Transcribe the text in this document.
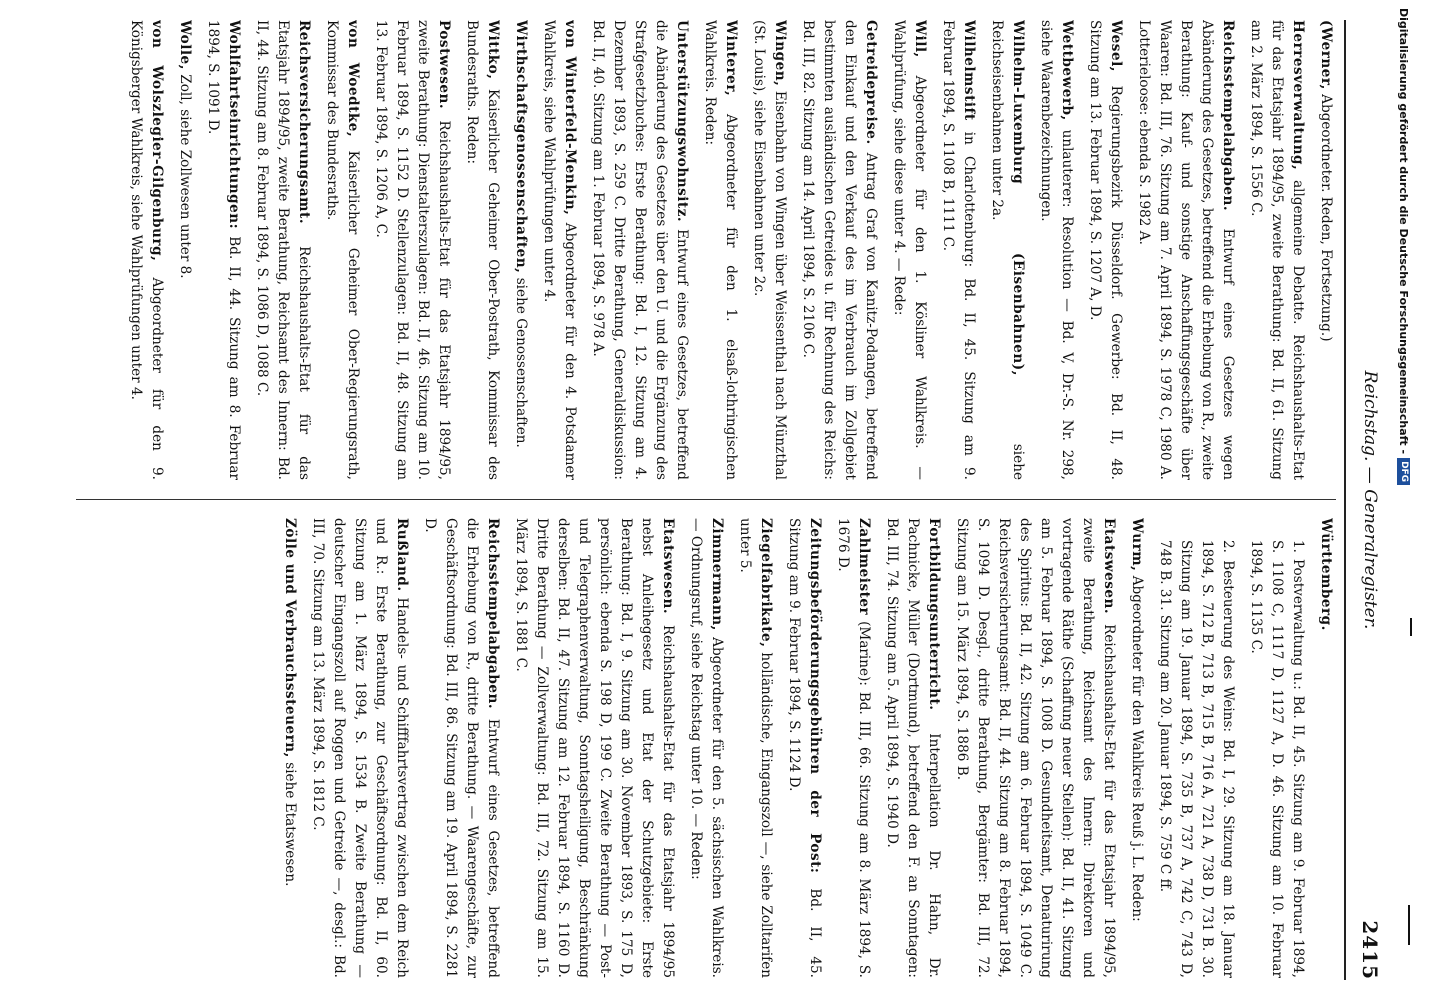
Reichstag. — Generalregister.
2415
(Werner, Abgeordneter. Reden, Fortsetzung.)
Herresverwaltung, allgemeine Debatte. Reichshaushalts-Etat für das Etatsjahr 1894/95, zweite Berathung: Bd. II, 61. Sitzung am 2. März 1894, S. 1556 C.
Reichsstempelabgaben. Entwurf eines Gesetzes wegen Abänderung des Gesetzes, betreffend die Erhebung von R., zweite Berathung: Kauf- und sonstige Anschaffungsgeschäfte über Waaren: Bd. III, 76. Sitzung am 7. April 1894, S. 1978 C, 1980 A. Lotterieloose: ebenda S. 1982 A.
Wesel, Regierungsbezirk Düsseldorf. Gewerbe: Bd. II, 48. Sitzung am 13. Februar 1894, S. 1207 A, D.
Wettbewerb, unlauterer: Resolution — Bd. V, Dr.-S. Nr. 298, siehe Waarenbezeichnungen.
Wilhelm-Luxemburg (Eisenbahnen), siehe Reichseisenbahnen unter 2a.
Wilhelmstift in Charlottenburg: Bd. II, 45. Sitzung am 9. Februar 1894, S. 1108 B, 1111 C.
Will, Abgeordneter für den 1. Kösliner Wahlkreis. — Wahlprüfung, siehe diese unter 4. — Rede:
Getreidepreise. Antrag Graf von Kanitz-Podangen, betreffend den Einkauf und den Verkauf des im Verbrauch im Zollgebiet bestimmten ausländischen Getreides u. für Rechnung des Reichs: Bd. III, 82. Sitzung am 14. April 1894, S. 2106 C.
Wingen, Eisenbahn von Wingen über Weissenthal nach Münzthal (St. Louis), siehe Eisenbahnen unter 2c.
Winterer, Abgeordneter für den 1. elsaß-lothringischen Wahlkreis. Reden:
Unterstützungswohnsitz. Entwurf eines Gesetzes, betreffend die Abänderung des Gesetzes über den U. und die Ergänzung des Strafgesetzbuches: Erste Berathung: Bd. I, 12. Sitzung am 4. Dezember 1893, S. 259 C. Dritte Berathung, Generaldiskussion: Bd. II, 40. Sitzung am 1. Februar 1894, S. 978 A.
von Winterfeld-Menkin, Abgeordneter für den 4. Potsdamer Wahlkreis, siehe Wahlprüfungen unter 4.
Wirthschaftsgenossenschaften, siehe Genossenschaften.
Wittko, Kaiserlicher Geheimer Ober-Postrath, Kommissar des Bundesraths. Reden:
Postwesen. Reichshaushalts-Etat für das Etatsjahr 1894/95, zweite Berathung: Dienstalterszulagen: Bd. II, 46. Sitzung am 10. Februar 1894, S. 1152 D. Stellenzulagen: Bd. II, 48. Sitzung am 13. Februar 1894, S. 1206 A, C.
von Woedtke, Kaiserlicher Geheimer Ober-Regierungsrath, Kommissar des Bundesraths.
Reichsversicherungsamt. Reichshaushalts-Etat für das Etatsjahr 1894/95, zweite Berathung, Reichsamt des Innern: Bd. II, 44. Sitzung am 8. Februar 1894, S. 1086 D, 1088 C.
Wohlfahrtseinrichtungen: Bd. II, 44. Sitzung am 8. Februar 1894, S. 1091 D.
Wolle, Zoll, siehe Zollwesen unter 8.
von Wolszlegier-Gilgenburg, Abgeordneter für den 9. Königsberger Wahlkreis, siehe Wahlprüfungen unter 4.
Württemberg.
1. Postverwaltung u.: Bd. II, 45. Sitzung am 9. Februar 1894, S. 1108 C, 1117 D, 1127 A, D. 46. Sitzung am 10. Februar 1894, S. 1135 C.
2. Besteuerung des Weins: Bd. I, 29. Sitzung am 18. Januar 1894, S. 712 B, 713 B, 715 B, 716 A, 721 A, 738 D, 731 B. 30. Sitzung am 19. Januar 1894, S. 735 B, 737 A, 742 C, 743 D, 748 B. 31. Sitzung am 20. Januar 1894, S. 759 C ff.
Wurm, Abgeordneter für den Wahlkreis Reuß j. L. Reden:
Etatswesen. Reichshaushalts-Etat für das Etatsjahr 1894/95, zweite Berathung, Reichsamt des Innern: Direktoren und vortragende Räthe (Schaffung neuer Stellen): Bd. II, 41. Sitzung am 5. Februar 1894, S. 1008 D. Gesundheitsamt, Denaturirung des Spiritus: Bd. II, 42. Sitzung am 6. Februar 1894, S. 1049 C. Reichsversicherungsamt: Bd. II, 44. Sitzung am 8. Februar 1894, S. 1094 D. Desgl., dritte Berathung, Bergämter: Bd. III, 72. Sitzung am 15. März 1894, S. 1886 B.
Fortbildungsunterricht. Interpellation Dr. Hahn, Dr. Pachnicke, Müller (Dortmund), betreffend den F. an Sonntagen: Bd. III, 74. Sitzung am 5. April 1894, S. 1940 D.
Zahlmeister (Marine): Bd. III, 66. Sitzung am 8. März 1894, S. 1676 D.
Zeitungsbeförderungsgebühren der Post: Bd. II, 45. Sitzung am 9. Februar 1894, S. 1124 D.
Ziegelfabrikate, holländische, Eingangszoll —, siehe Zolltarifen unter 5.
Zimmermann, Abgeordneter für den 5. sächsischen Wahlkreis. — Ordnungsruf, siehe Reichstag unter 10. — Reden:
Etatswesen. Reichshaushalts-Etat für das Etatsjahr 1894/95 nebst Anleihegesetz und Etat der Schutzgebiete: Erste Berathung: Bd. I, 9. Sitzung am 30. November 1893, S. 175 D, persönlich: ebenda S. 198 D, 199 C. Zweite Berathung — Post- und Telegraphenverwaltung, Sonntagsheiligung, Beschränkung derselben: Bd. II, 47. Sitzung am 12. Februar 1894, S. 1160 D. Dritte Berathung — Zollverwaltung: Bd. III, 72. Sitzung am 15. März 1894, S. 1881 C.
Reichsstempelabgaben. Entwurf eines Gesetzes, betreffend die Erhebung von R., dritte Berathung. — Waarengeschäfte, zur Geschäftsordnung: Bd. III, 86. Sitzung am 19. April 1894, S. 2281 D.
Rußland. Handels- und Schifffahrtsvertrag zwischen dem Reich und R.: Erste Berathung, zur Geschäftsordnung: Bd. II, 60. Sitzung am 1. März 1894, S. 1534 B. Zweite Berathung — deutscher Eingangszoll auf Roggen und Getreide —, desgl.: Bd. III, 70. Sitzung am 13. März 1894, S. 1812 C.
Zölle und Verbrauchssteuern, siehe Etatswesen.
Digitalisierung gefördert durch die Deutsche Forschungsgemeinschaft -
DFG
